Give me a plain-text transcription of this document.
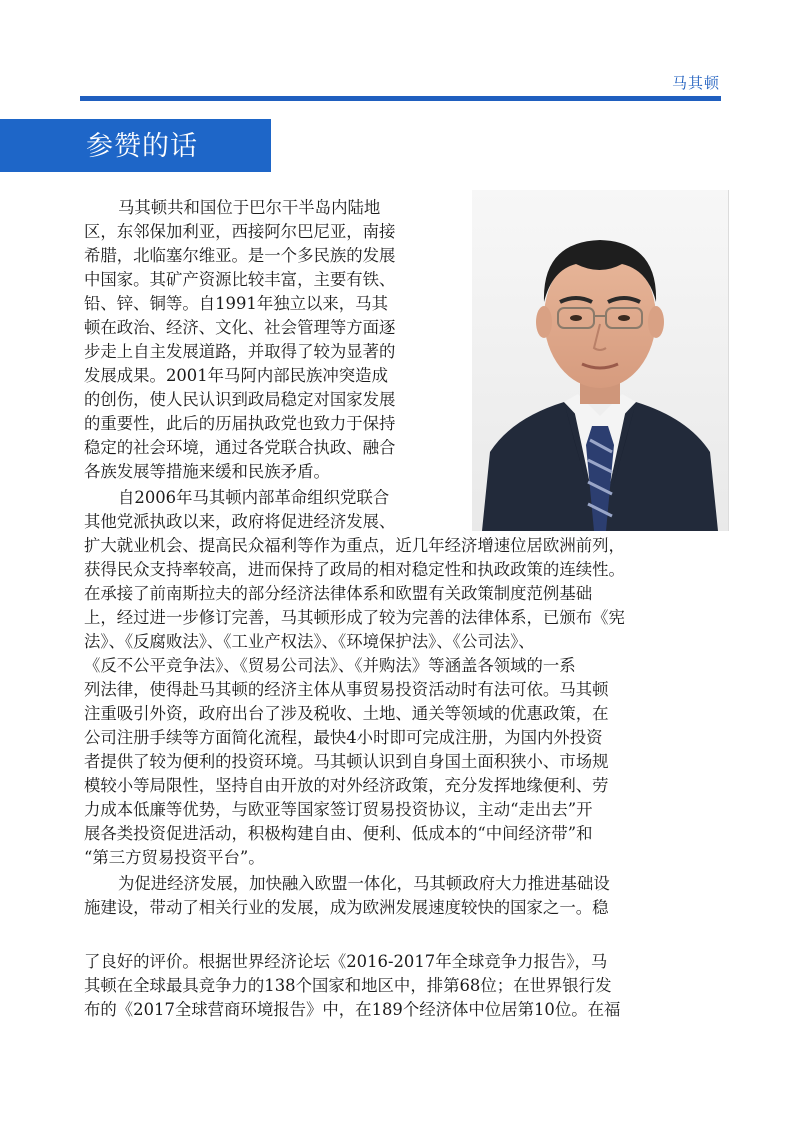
马其顿
参赞的话
马其顿共和国位于巴尔干半岛内陆地
区，东邻保加利亚，西接阿尔巴尼亚，南接
希腊，北临塞尔维亚。是一个多民族的发展
中国家。其矿产资源比较丰富，主要有铁、
铅、锌、铜等。自1991年独立以来，马其
顿在政治、经济、文化、社会管理等方面逐
步走上自主发展道路，并取得了较为显著的
发展成果。2001年马阿内部民族冲突造成
的创伤，使人民认识到政局稳定对国家发展
的重要性，此后的历届执政党也致力于保持
稳定的社会环境，通过各党联合执政、融合
各族发展等措施来缓和民族矛盾。
自2006年马其顿内部革命组织党联合
其他党派执政以来，政府将促进经济发展、
扩大就业机会、提高民众福利等作为重点，近几年经济增速位居欧洲前列，
获得民众支持率较高，进而保持了政局的相对稳定性和执政政策的连续性。
在承接了前南斯拉夫的部分经济法律体系和欧盟有关政策制度范例基础
上，经过进一步修订完善，马其顿形成了较为完善的法律体系，已颁布《宪
法》、《反腐败法》、《工业产权法》、《环境保护法》、《公司法》、
《反不公平竞争法》、《贸易公司法》、《并购法》等涵盖各领域的一系
列法律，使得赴马其顿的经济主体从事贸易投资活动时有法可依。马其顿
注重吸引外资，政府出台了涉及税收、土地、通关等领域的优惠政策，在
公司注册手续等方面简化流程，最快4小时即可完成注册，为国内外投资
者提供了较为便利的投资环境。马其顿认识到自身国土面积狭小、市场规
模较小等局限性，坚持自由开放的对外经济政策，充分发挥地缘便利、劳
力成本低廉等优势，与欧亚等国家签订贸易投资协议，主动“走出去”开
展各类投资促进活动，积极构建自由、便利、低成本的“中间经济带”和
“第三方贸易投资平台”。
为促进经济发展，加快融入欧盟一体化，马其顿政府大力推进基础设
施建设，带动了相关行业的发展，成为欧洲发展速度较快的国家之一。稳
了良好的评价。根据世界经济论坛《2016-2017年全球竞争力报告》，马
其顿在全球最具竞争力的138个国家和地区中，排第68位；在世界银行发
布的《2017全球营商环境报告》中，在189个经济体中位居第10位。在福
